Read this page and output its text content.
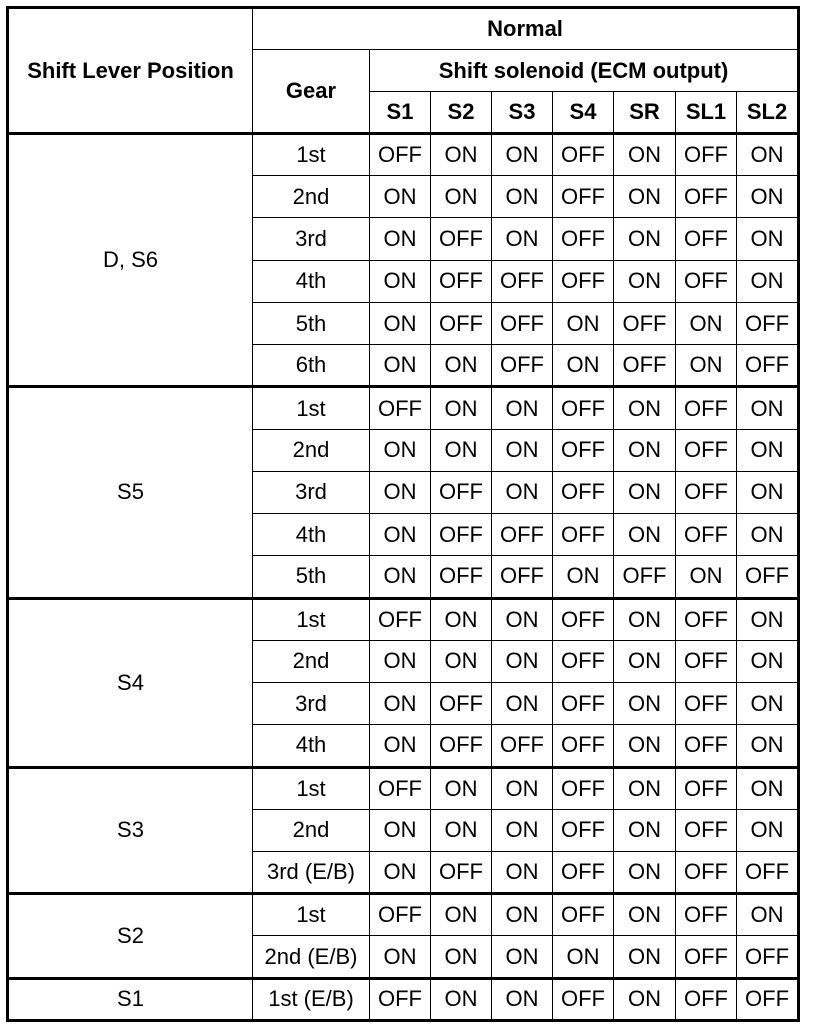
Shift Lever Position	Normal							
	Gear	Shift solenoid (ECM output)						
		S1	S2	S3	S4	SR	SL1	SL2
D, S6	1st	OFF	ON	ON	OFF	ON	OFF	ON
	2nd	ON	ON	ON	OFF	ON	OFF	ON
	3rd	ON	OFF	ON	OFF	ON	OFF	ON
	4th	ON	OFF	OFF	OFF	ON	OFF	ON
	5th	ON	OFF	OFF	ON	OFF	ON	OFF
	6th	ON	ON	OFF	ON	OFF	ON	OFF
S5	1st	OFF	ON	ON	OFF	ON	OFF	ON
	2nd	ON	ON	ON	OFF	ON	OFF	ON
	3rd	ON	OFF	ON	OFF	ON	OFF	ON
	4th	ON	OFF	OFF	OFF	ON	OFF	ON
	5th	ON	OFF	OFF	ON	OFF	ON	OFF
S4	1st	OFF	ON	ON	OFF	ON	OFF	ON
	2nd	ON	ON	ON	OFF	ON	OFF	ON
	3rd	ON	OFF	ON	OFF	ON	OFF	ON
	4th	ON	OFF	OFF	OFF	ON	OFF	ON
S3	1st	OFF	ON	ON	OFF	ON	OFF	ON
	2nd	ON	ON	ON	OFF	ON	OFF	ON
	3rd (E/B)	ON	OFF	ON	OFF	ON	OFF	OFF
S2	1st	OFF	ON	ON	OFF	ON	OFF	ON
	2nd (E/B)	ON	ON	ON	ON	ON	OFF	OFF
S1	1st (E/B)	OFF	ON	ON	OFF	ON	OFF	OFF
